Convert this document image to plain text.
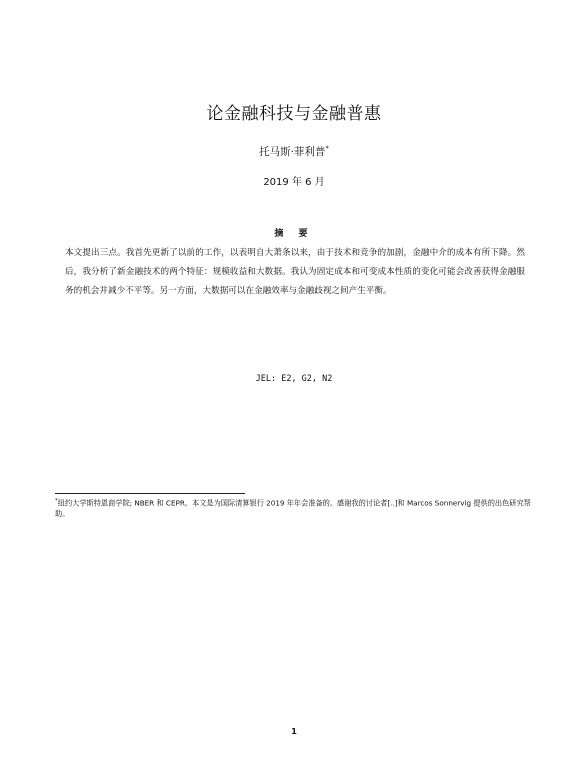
论金融科技与金融普惠
托马斯·菲利普*
2019 年 6 月
摘 要
本文提出三点。我首先更新了以前的工作，以表明自大萧条以来，由于技术和竞争的加剧，金融中介的成本有所下降。然后，我分析了新金融技术的两个特征：规模收益和大数据。我认为固定成本和可变成本性质的变化可能会改善获得金融服务的机会并减少不平等。另一方面，大数据可以在金融效率与金融歧视之间产生平衡。
JEL: E2, G2, N2
*纽约大学斯特恩商学院; NBER 和 CEPR。本文是为国际清算银行 2019 年年会准备的。感谢我的讨论者[..]和 Marcos Sonnervig 提供的出色研究帮助。
1
